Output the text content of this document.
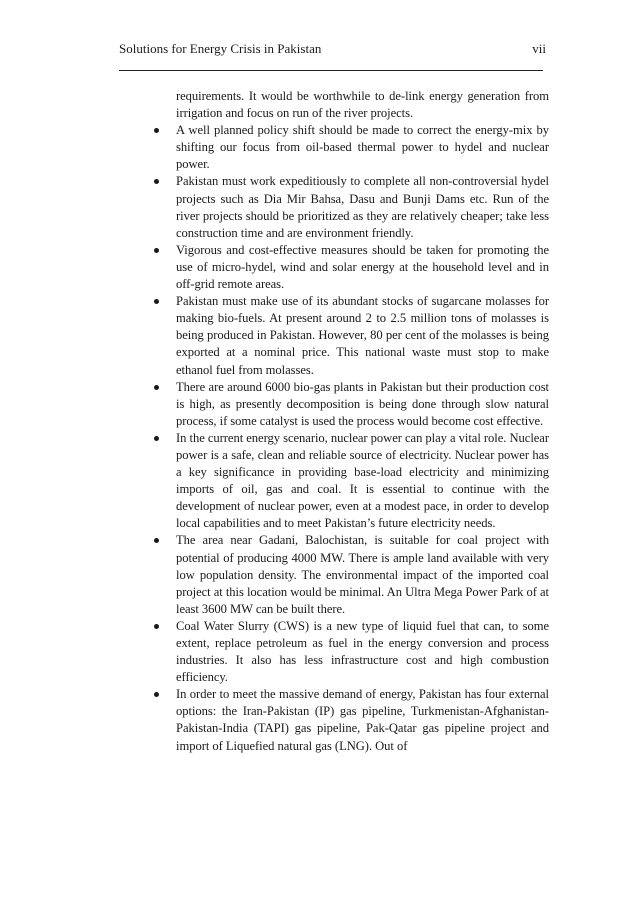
Solutions for Energy Crisis in Pakistan	vii

requirements. It would be worthwhile to de-link energy generation from irrigation and focus on run of the river projects.

A well planned policy shift should be made to correct the energy-mix by shifting our focus from oil-based thermal power to hydel and nuclear power.
Pakistan must work expeditiously to complete all non-controversial hydel projects such as Dia Mir Bahsa, Dasu and Bunji Dams etc. Run of the river projects should be prioritized as they are relatively cheaper; take less construction time and are environment friendly.
Vigorous and cost-effective measures should be taken for promoting the use of micro-hydel, wind and solar energy at the household level and in off-grid remote areas.
Pakistan must make use of its abundant stocks of sugarcane molasses for making bio-fuels. At present around 2 to 2.5 million tons of molasses is being produced in Pakistan. However, 80 per cent of the molasses is being exported at a nominal price. This national waste must stop to make ethanol fuel from molasses.
There are around 6000 bio-gas plants in Pakistan but their production cost is high, as presently decomposition is being done through slow natural process, if some catalyst is used the process would become cost effective.
In the current energy scenario, nuclear power can play a vital role. Nuclear power is a safe, clean and reliable source of electricity. Nuclear power has a key significance in providing base-load electricity and minimizing imports of oil, gas and coal. It is essential to continue with the development of nuclear power, even at a modest pace, in order to develop local capabilities and to meet Pakistan’s future electricity needs.
The area near Gadani, Balochistan, is suitable for coal project with potential of producing 4000 MW. There is ample land available with very low population density. The environmental impact of the imported coal project at this location would be minimal. An Ultra Mega Power Park of at least 3600 MW can be built there.
Coal Water Slurry (CWS) is a new type of liquid fuel that can, to some extent, replace petroleum as fuel in the energy conversion and process industries. It also has less infrastructure cost and high combustion efficiency.
In order to meet the massive demand of energy, Pakistan has four external options: the Iran-Pakistan (IP) gas pipeline, Turkmenistan-Afghanistan-Pakistan-India (TAPI) gas pipeline, Pak-Qatar gas pipeline project and import of Liquefied natural gas (LNG). Out of
